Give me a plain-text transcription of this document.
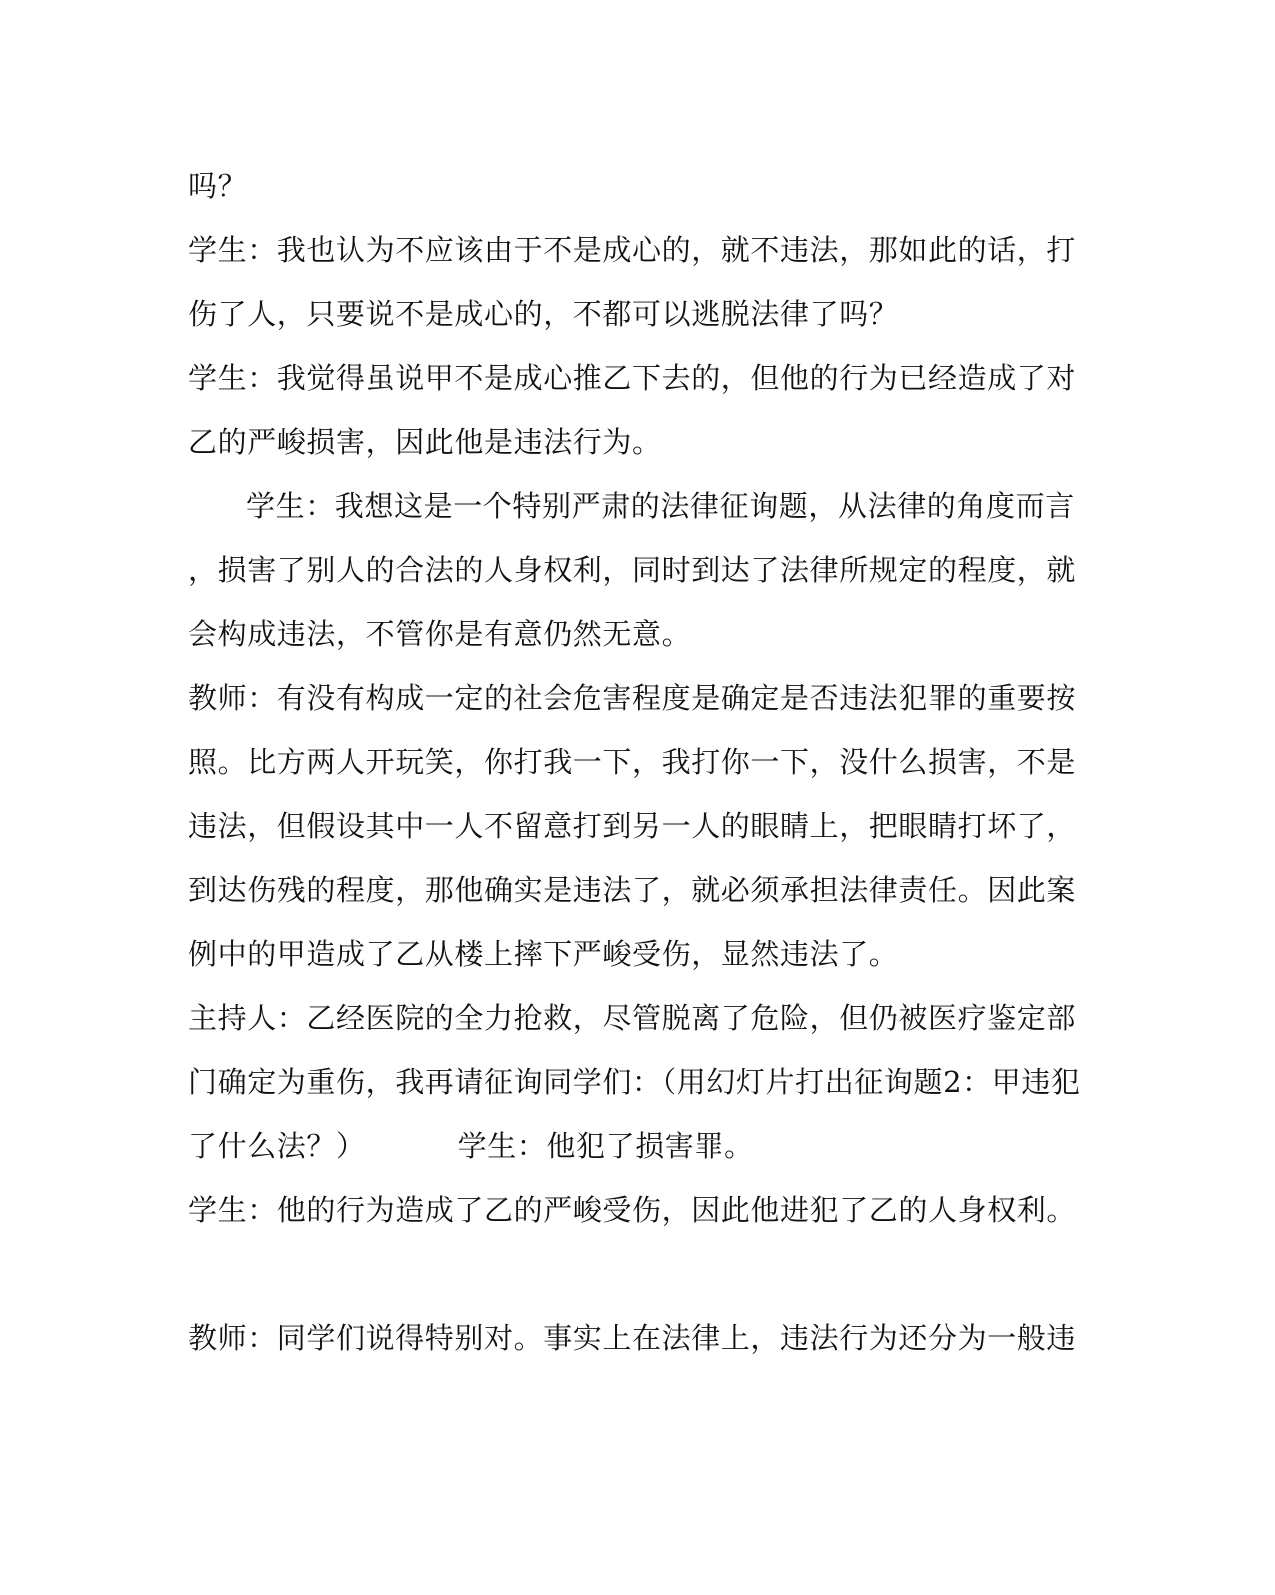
吗？
学生：我也认为不应该由于不是成心的，就不违法，那如此的话，打
伤了人，只要说不是成心的，不都可以逃脱法律了吗？
学生：我觉得虽说甲不是成心推乙下去的，但他的行为已经造成了对
乙的严峻损害，因此他是违法行为。
学生：我想这是一个特别严肃的法律征询题，从法律的角度而言
，损害了别人的合法的人身权利，同时到达了法律所规定的程度，就
会构成违法，不管你是有意仍然无意。
教师：有没有构成一定的社会危害程度是确定是否违法犯罪的重要按
照。比方两人开玩笑，你打我一下，我打你一下，没什么损害，不是
违法，但假设其中一人不留意打到另一人的眼睛上，把眼睛打坏了，
到达伤残的程度，那他确实是违法了，就必须承担法律责任。因此案
例中的甲造成了乙从楼上摔下严峻受伤，显然违法了。
主持人：乙经医院的全力抢救，尽管脱离了危险，但仍被医疗鉴定部
门确定为重伤，我再请征询同学们：（用幻灯片打出征询题2：甲违犯
了什么法？）	学生：他犯了损害罪。
学生：他的行为造成了乙的严峻受伤，因此他进犯了乙的人身权利。
教师：同学们说得特别对。事实上在法律上，违法行为还分为一般违
